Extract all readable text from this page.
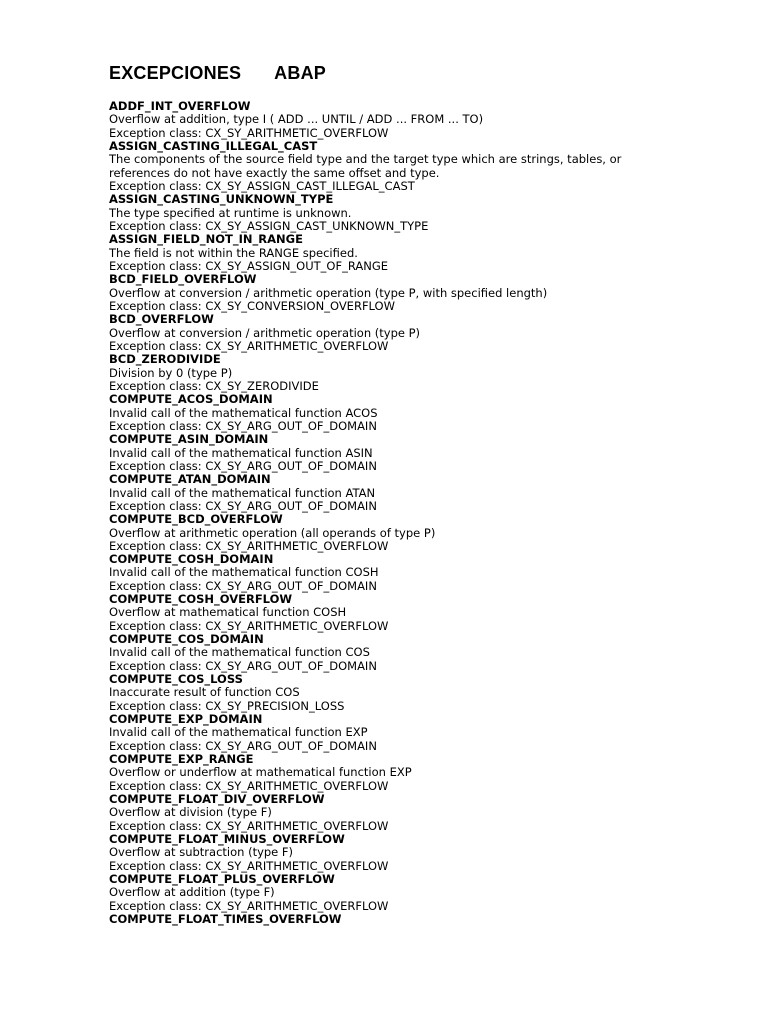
EXCEPCIONES   ABAP
ADDF_INT_OVERFLOW
Overflow at addition, type I ( ADD ... UNTIL / ADD ... FROM ... TO)
Exception class: CX_SY_ARITHMETIC_OVERFLOW
ASSIGN_CASTING_ILLEGAL_CAST
The components of the source field type and the target type which are strings, tables, or
references do not have exactly the same offset and type.
Exception class: CX_SY_ASSIGN_CAST_ILLEGAL_CAST
ASSIGN_CASTING_UNKNOWN_TYPE
The type specified at runtime is unknown.
Exception class: CX_SY_ASSIGN_CAST_UNKNOWN_TYPE
ASSIGN_FIELD_NOT_IN_RANGE
The field is not within the RANGE specified.
Exception class: CX_SY_ASSIGN_OUT_OF_RANGE
BCD_FIELD_OVERFLOW
Overflow at conversion / arithmetic operation (type P, with specified length)
Exception class: CX_SY_CONVERSION_OVERFLOW
BCD_OVERFLOW
Overflow at conversion / arithmetic operation (type P)
Exception class: CX_SY_ARITHMETIC_OVERFLOW
BCD_ZERODIVIDE
Division by 0 (type P)
Exception class: CX_SY_ZERODIVIDE
COMPUTE_ACOS_DOMAIN
Invalid call of the mathematical function ACOS
Exception class: CX_SY_ARG_OUT_OF_DOMAIN
COMPUTE_ASIN_DOMAIN
Invalid call of the mathematical function ASIN
Exception class: CX_SY_ARG_OUT_OF_DOMAIN
COMPUTE_ATAN_DOMAIN
Invalid call of the mathematical function ATAN
Exception class: CX_SY_ARG_OUT_OF_DOMAIN
COMPUTE_BCD_OVERFLOW
Overflow at arithmetic operation (all operands of type P)
Exception class: CX_SY_ARITHMETIC_OVERFLOW
COMPUTE_COSH_DOMAIN
Invalid call of the mathematical function COSH
Exception class: CX_SY_ARG_OUT_OF_DOMAIN
COMPUTE_COSH_OVERFLOW
Overflow at mathematical function COSH
Exception class: CX_SY_ARITHMETIC_OVERFLOW
COMPUTE_COS_DOMAIN
Invalid call of the mathematical function COS
Exception class: CX_SY_ARG_OUT_OF_DOMAIN
COMPUTE_COS_LOSS
Inaccurate result of function COS
Exception class: CX_SY_PRECISION_LOSS
COMPUTE_EXP_DOMAIN
Invalid call of the mathematical function EXP
Exception class: CX_SY_ARG_OUT_OF_DOMAIN
COMPUTE_EXP_RANGE
Overflow or underflow at mathematical function EXP
Exception class: CX_SY_ARITHMETIC_OVERFLOW
COMPUTE_FLOAT_DIV_OVERFLOW
Overflow at division (type F)
Exception class: CX_SY_ARITHMETIC_OVERFLOW
COMPUTE_FLOAT_MINUS_OVERFLOW
Overflow at subtraction (type F)
Exception class: CX_SY_ARITHMETIC_OVERFLOW
COMPUTE_FLOAT_PLUS_OVERFLOW
Overflow at addition (type F)
Exception class: CX_SY_ARITHMETIC_OVERFLOW
COMPUTE_FLOAT_TIMES_OVERFLOW
